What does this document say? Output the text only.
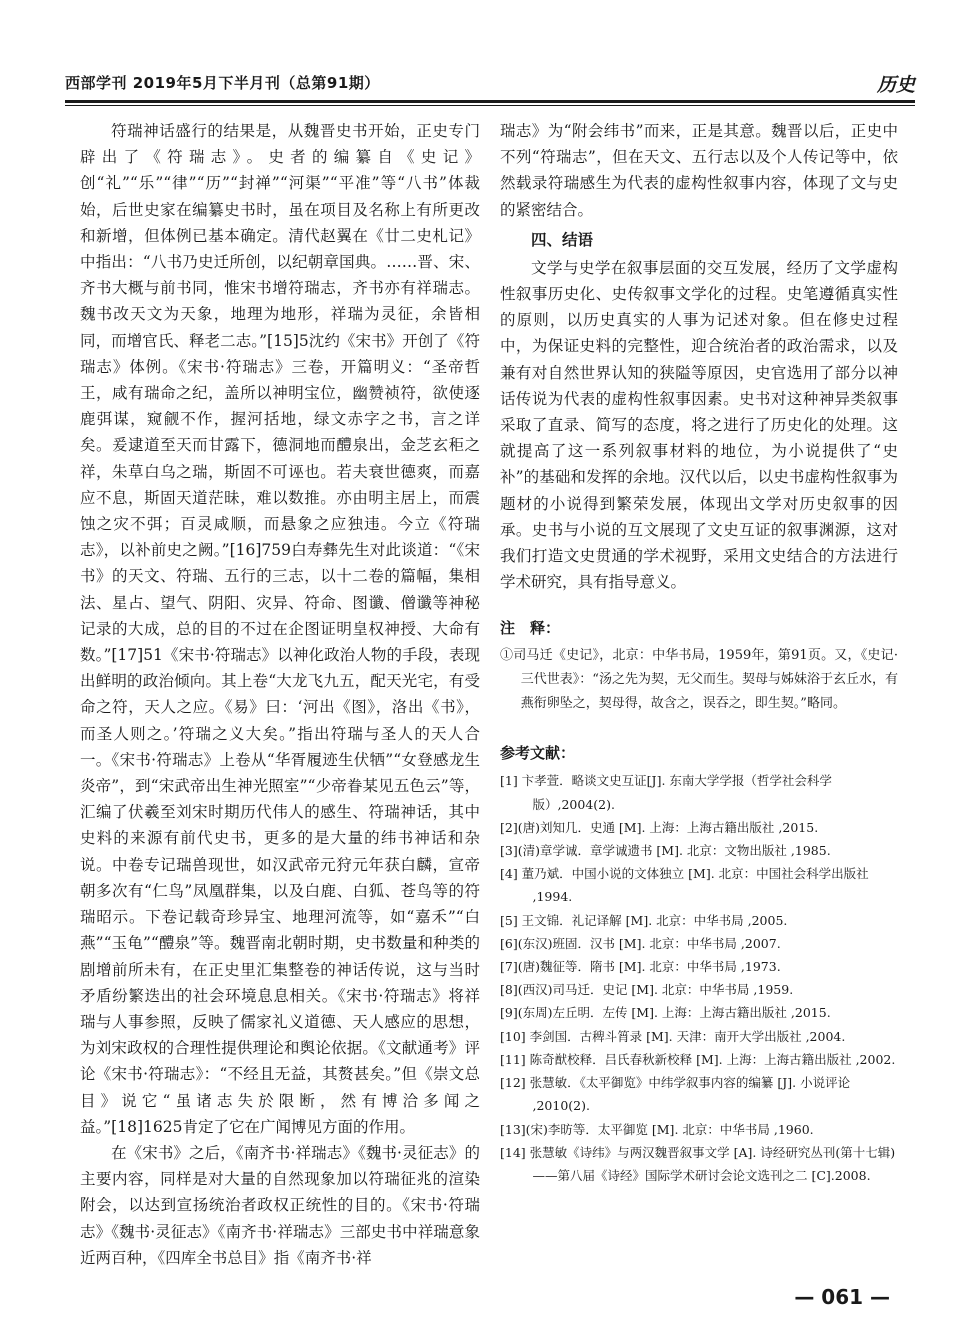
西部学刊 2019年5月下半月刊（总第91期）	历史

符瑞神话盛行的结果是，从魏晋史书开始，正史专门辟出了《符瑞志》。史者的编纂自《史记》创“礼”“乐”“律”“历”“封禅”“河渠”“平准”等“八书”体裁始，后世史家在编纂史书时，虽在项目及名称上有所更改和新增，但体例已基本确定。清代赵翼在《廿二史札记》中指出：“八书乃史迁所创，以纪朝章国典。……晋、宋、齐书大概与前书同，惟宋书增符瑞志，齐书亦有祥瑞志。魏书改天文为天象，地理为地形，祥瑞为灵征，余皆相同，而增官氏、释老二志。”[15]5沈约《宋书》开创了《符瑞志》体例。《宋书·符瑞志》三卷，开篇明义：“圣帝哲王，咸有瑞命之纪，盖所以神明宝位，幽赞祯符，欲使逐鹿弭谋，窥觎不作，握河括地，绿文赤字之书，言之详矣。爰逮道至天而甘露下，德洞地而醴泉出，金芝玄秬之祥，朱草白乌之瑞，斯固不可诬也。若夫衰世德爽，而嘉应不息，斯固天道茫昧，难以数推。亦由明主居上，而震蚀之灾不弭；百灵咸顺，而悬象之应独违。今立《符瑞志》，以补前史之阙。”[16]759白寿彝先生对此谈道：“《宋书》的天文、符瑞、五行的三志，以十二卷的篇幅，集相法、星占、望气、阴阳、灾异、符命、图谶、僧谶等神秘记录的大成，总的目的不过在企图证明皇权神授、大命有数。”[17]51《宋书·符瑞志》以神化政治人物的手段，表现出鲜明的政治倾向。其上卷“大龙飞九五，配天光宅，有受命之符，天人之应。《易》曰：‘河出《图》，洛出《书》，而圣人则之。’符瑞之义大矣。”指出符瑞与圣人的天人合一。《宋书·符瑞志》上卷从“华胥履迹生伏牺”“女登感龙生炎帝”，到“宋武帝出生神光照室”“少帝眷某见五色云”等，汇编了伏羲至刘宋时期历代伟人的感生、符瑞神话，其中史料的来源有前代史书，更多的是大量的纬书神话和杂说。中卷专记瑞兽现世，如汉武帝元狩元年获白麟，宣帝朝多次有“仁鸟”凤凰群集，以及白鹿、白狐、苍鸟等的符瑞昭示。下卷记载奇珍异宝、地理河流等，如“嘉禾”“白燕”“玉龟”“醴泉”等。魏晋南北朝时期，史书数量和种类的剧增前所未有，在正史里汇集整卷的神话传说，这与当时矛盾纷繁迭出的社会环境息息相关。《宋书·符瑞志》将祥瑞与人事参照，反映了儒家礼义道德、天人感应的思想，为刘宋政权的合理性提供理论和舆论依据。《文献通考》评论《宋书·符瑞志》：“不经且无益，其赘甚矣。”但《崇文总目》说它“虽诸志失於限断，然有博洽多闻之益。”[18]1625肯定了它在广闻博见方面的作用。

在《宋书》之后，《南齐书·祥瑞志》《魏书·灵征志》的主要内容，同样是对大量的自然现象加以符瑞征兆的渲染附会，以达到宣扬统治者政权正统性的目的。《宋书·符瑞志》《魏书·灵征志》《南齐书·祥瑞志》三部史书中祥瑞意象近两百种，《四库全书总目》指《南齐书·祥

瑞志》为“附会纬书”而来，正是其意。魏晋以后，正史中不列“符瑞志”，但在天文、五行志以及个人传记等中，依然载录符瑞感生为代表的虚构性叙事内容，体现了文与史的紧密结合。

四、结语

文学与史学在叙事层面的交互发展，经历了文学虚构性叙事历史化、史传叙事文学化的过程。史笔遵循真实性的原则，以历史真实的人事为记述对象。但在修史过程中，为保证史料的完整性，迎合统治者的政治需求，以及兼有对自然世界认知的狭隘等原因，史官选用了部分以神话传说为代表的虚构性叙事因素。史书对这种神异类叙事采取了直录、简写的态度，将之进行了历史化的处理。这就提高了这一系列叙事材料的地位，为小说提供了“史补”的基础和发挥的余地。汉代以后，以史书虚构性叙事为题材的小说得到繁荣发展，体现出文学对历史叙事的因承。史书与小说的互文展现了文史互证的叙事渊源，这对我们打造文史贯通的学术视野，采用文史结合的方法进行学术研究，具有指导意义。

注　释：

①司马迁《史记》，北京：中华书局，1959年，第91页。又，《史记·三代世表》：“汤之先为契，无父而生。契母与姊妹浴于玄丘水，有燕衔卵坠之，契母得，故含之，误吞之，即生契。”略同。

参考文献：

[1] 卞孝萱．略谈文史互证[J]. 东南大学学报（哲学社会科学版）,2004(2).

[2](唐)刘知几．史通 [M]. 上海：上海古籍出版社 ,2015.

[3](清)章学诚．章学诚遗书 [M]. 北京：文物出版社 ,1985.

[4] 董乃斌．中国小说的文体独立 [M]. 北京：中国社会科学出版社 ,1994.

[5] 王文锦．礼记译解 [M]. 北京：中华书局 ,2005.

[6](东汉)班固．汉书 [M]. 北京：中华书局 ,2007.

[7](唐)魏征等．隋书 [M]. 北京：中华书局 ,1973.

[8](西汉)司马迁．史记 [M]. 北京：中华书局 ,1959.

[9](东周)左丘明．左传 [M]. 上海：上海古籍出版社 ,2015.

[10] 李剑国．古稗斗筲录 [M]. 天津：南开大学出版社 ,2004.

[11] 陈奇猷校释．吕氏春秋新校释 [M]. 上海：上海古籍出版社 ,2002.

[12] 张慧敏．《太平御览》中纬学叙事内容的编纂 [J]. 小说评论 ,2010(2).

[13](宋)李昉等．太平御览 [M]. 北京：中华书局 ,1960.

[14] 张慧敏《诗纬》与两汉魏晋叙事文学 [A]. 诗经研究丛刊(第十七辑)——第八届《诗经》国际学术研讨会论文选刊之二 [C].2008.

— 061 —
